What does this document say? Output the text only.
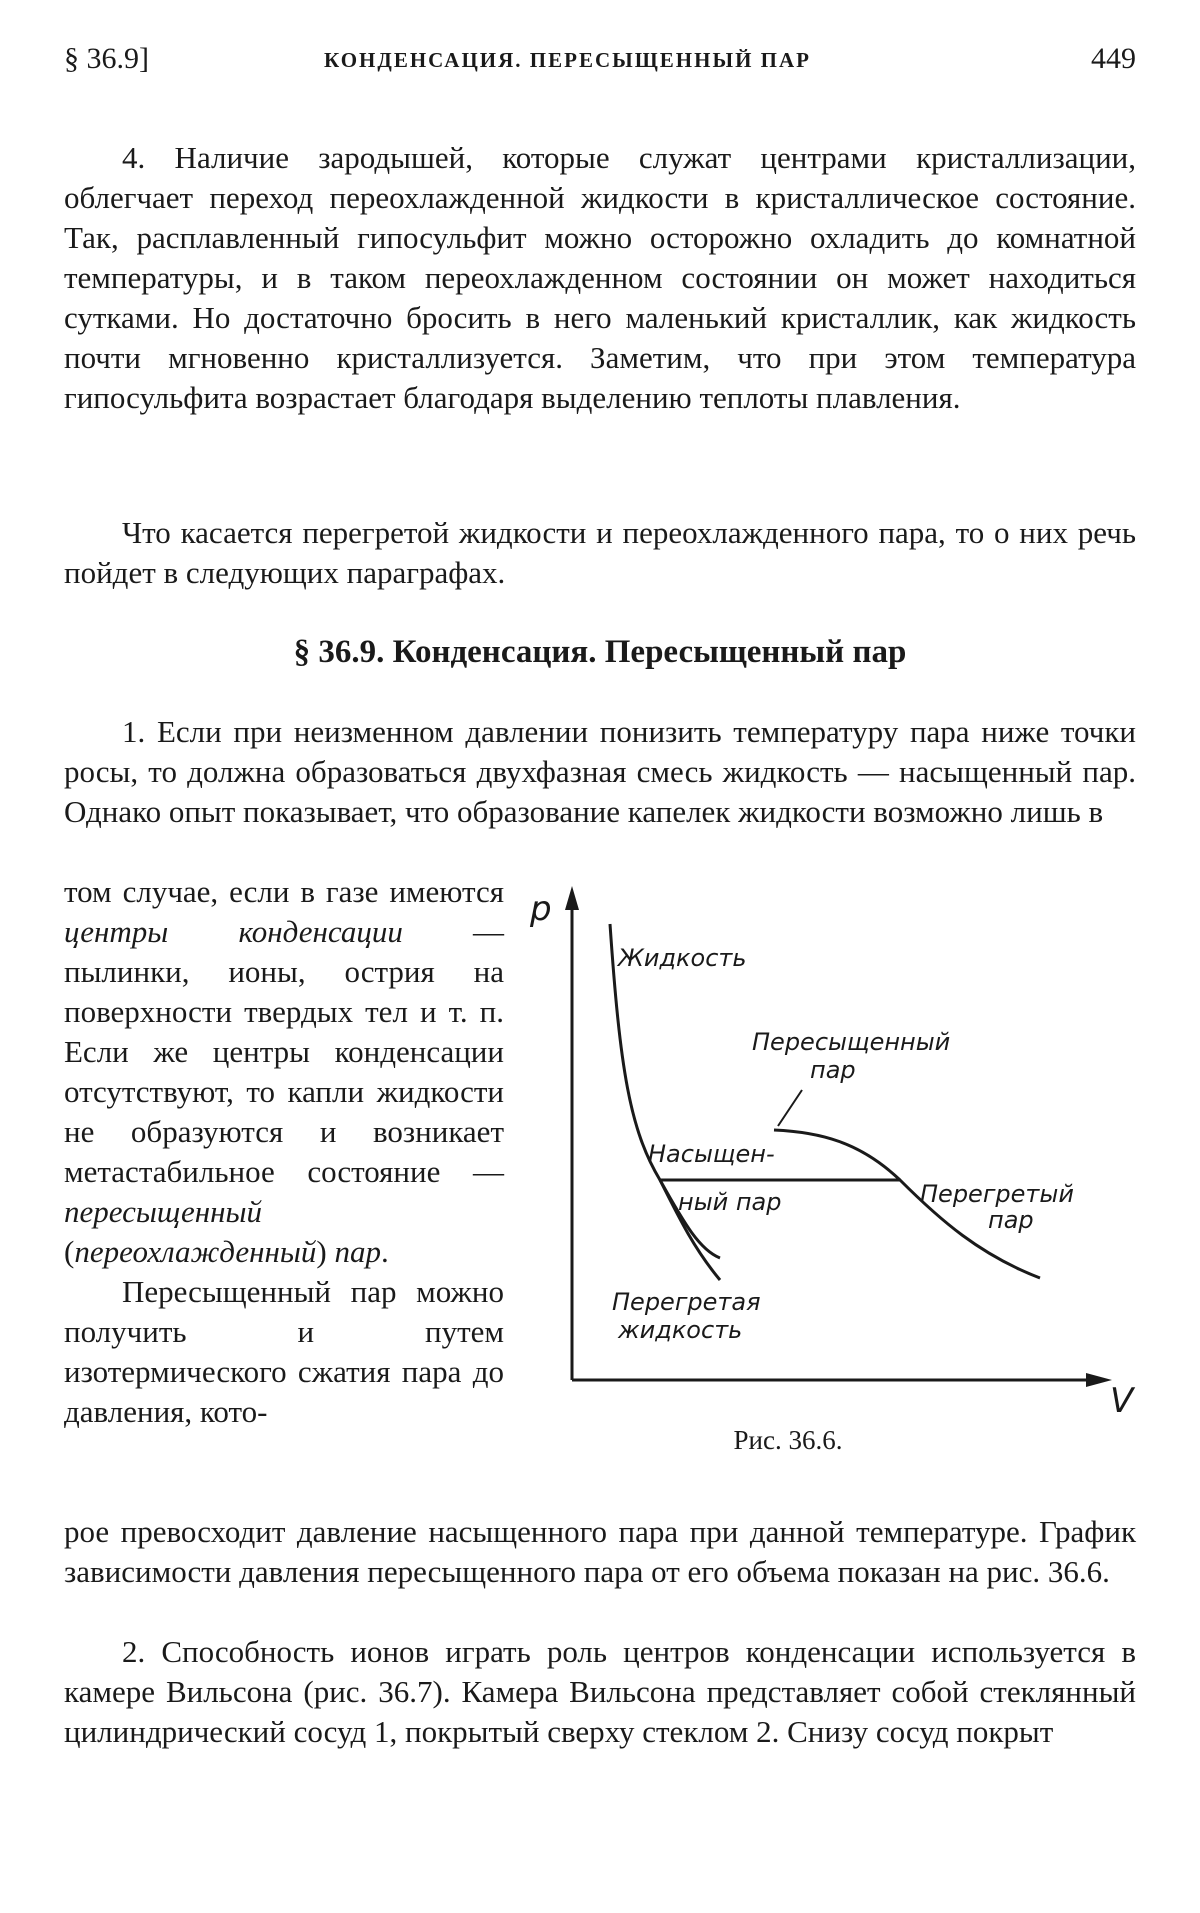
§ 36.9]	КОНДЕНСАЦИЯ. ПЕРЕСЫЩЕННЫЙ ПАР	449

4. Наличие зародышей, которые служат центрами кристаллизации, облегчает переход переохлажденной жидкости в кристаллическое состояние. Так, расплавленный гипосульфит можно осторожно охладить до комнатной температуры, и в таком переохлажденном состоянии он может находиться сутками. Но достаточно бросить в него маленький кристаллик, как жидкость почти мгновенно кристаллизуется. Заметим, что при этом температура гипосульфита возрастает благодаря выделению теплоты плавления.

Что касается перегретой жидкости и переохлажденного пара, то о них речь пойдет в следующих параграфах.

§ 36.9. Конденсация. Пересыщенный пар

1. Если при неизменном давлении понизить температуру пара ниже точки росы, то должна образоваться двухфазная смесь жидкость — насыщенный пар. Однако опыт показывает, что образование капелек жидкости возможно лишь в

том случае, если в газе имеются центры конденсации — пылинки, ионы, острия на поверхности твердых тел и т. п. Если же центры конденсации отсутствуют, то капли жидкости не образуются и возникает метастабильное состояние — пересыщенный (переохлажденный) пар.

Пересыщенный пар можно получить и путем изотермического сжатия пара до давления, кото-

p
V
Жидкость
Пересыщенный
пар
Насыщен-
ный пар	Перегретый
пар
Перегретая
жидкость
Рис. 36.6.

рое превосходит давление насыщенного пара при данной температуре. График зависимости давления пересыщенного пара от его объема показан на рис. 36.6.

2. Способность ионов играть роль центров конденсации используется в камере Вильсона (рис. 36.7). Камера Вильсона представляет собой стеклянный цилиндрический сосуд 1, покрытый сверху стеклом 2. Снизу сосуд покрыт
